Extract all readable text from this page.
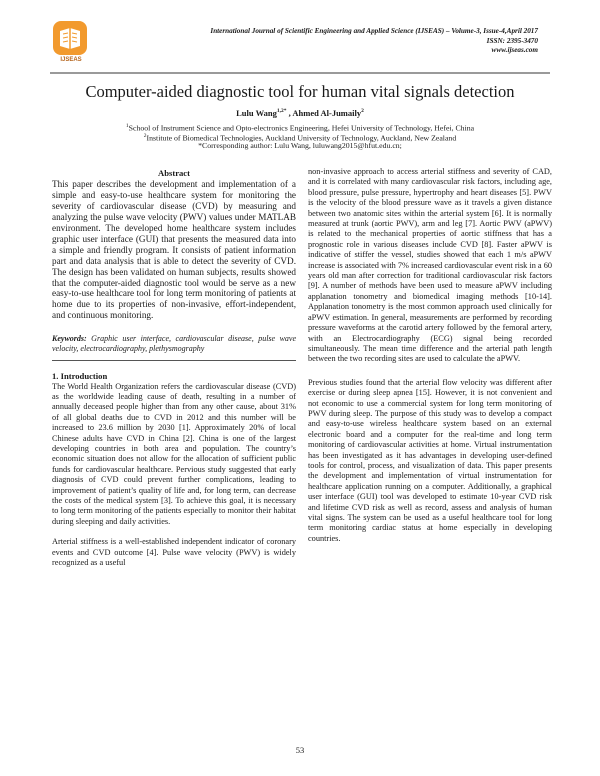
IJSEAS
International Journal of Scientific Engineering and Applied Science (IJSEAS) – Volume-3, Issue-4,April 2017
ISSN: 2395-3470
www.ijseas.com
Computer-aided diagnostic tool for human vital signals detection
Lulu Wang$^{1,2*}$ , Ahmed Al-Jumaily$^2$
$^1$School of Instrument Science and Opto-electronics Engineering, Hefei University of Technology, Hefei, China
$^2$Institute of Biomedical Technologies, Auckland University of Technology, Auckland, New Zealand
*Corresponding author: Lulu Wang, luluwang2015@hfut.edu.cn;
Abstract

This paper describes the development and implementation of a simple and easy-to-use healthcare system for monitoring the severity of cardiovascular disease (CVD) by measuring and analyzing the pulse wave velocity (PWV) values under MATLAB environment. The developed home healthcare system includes graphic user interface (GUI) that presents the measured data into a simple and friendly program. It consists of patient information part and data analysis that is able to detect the severity of CVD. The design has been validated on human subjects, results showed that the computer-aided diagnostic tool would be serve as a new easy-to-use healthcare tool for long term monitoring of patients at home due to its properties of non-invasive, effort-independent, and continuous monitoring.

Keywords: Graphic user interface, cardiovascular disease, pulse wave velocity, electrocardiography, plethysmography
1. Introduction

The World Health Organization refers the cardiovascular disease (CVD) as the worldwide leading cause of death, resulting in a number of annually deceased people higher than from any other cause, about 31% of all global deaths due to CVD in 2012 and this number will be increased to 23.6 million by 2030 [1]. Approximately 20% of local Chinese adults have CVD in China [2]. China is one of the largest developing countries in both area and population. The country’s economic situation does not allow for the allocation of sufficient public funds for cardiovascular healthcare. Pervious study suggested that early diagnosis of CVD could prevent further complications, leading to improvement of patient’s quality of life and, for long term, can decrease the costs of the medical system [3]. To achieve this goal, it is necessary to long term monitoring of the patients especially to monitor their habitat during sleeping and daily activities.

Arterial stiffness is a well-established independent indicator of coronary events and CVD outcome [4]. Pulse wave velocity (PWV) is widely recognized as a useful

non-invasive approach to access arterial stiffness and severity of CAD, and it is correlated with many cardiovascular risk factors, including age, blood pressure, pulse pressure, hypertrophy and heart diseases [5]. PWV is the velocity of the blood pressure wave as it travels a given distance between two anatomic sites within the arterial system [6]. It is normally measured at trunk (aortic PWV), arm and leg [7]. Aortic PWV (aPWV) is related to the mechanical properties of aortic stiffness that has a prognostic role in various diseases include CVD [8]. Faster aPWV is indicative of stiffer the vessel, studies showed that each 1 m/s aPWV increase is associated with 7% increased cardiovascular event risk in a 60 years old man after correction for traditional cardiovascular risk factors [9]. A number of methods have been used to measure aPWV including applanation tonometry and biomedical imaging methods [10-14]. Applanation tonometry is the most common approach used clinically for aPWV estimation. In general, measurements are performed by recording pressure waveforms at the carotid artery followed by the femoral artery, with an Electrocardiography (ECG) signal being recorded simultaneously. The mean time difference and the arterial path length between the two recording sites are used to calculate the aPWV.

Previous studies found that the arterial flow velocity was different after exercise or during sleep apnea [15]. However, it is not convenient and not economic to use a commercial system for long term monitoring of PWV during sleep. The purpose of this study was to develop a compact and easy-to-use wireless healthcare system based on an external electronic board and a computer for the real-time and long term monitoring of cardiovascular activities at home. Virtual instrumentation has been investigated as it has advantages in developing user-defined tools for control, process, and visualization of data. This paper presents the development and implementation of virtual instrumentation for healthcare application running on a computer. Additionally, a graphical user interface (GUI) tool was developed to estimate 10-year CVD risk and lifetime CVD risk as well as record, assess and analysis of human vital signs. The system can be used as a useful healthcare tool for long term monitoring cardiac status at home especially in developing countries.

53
